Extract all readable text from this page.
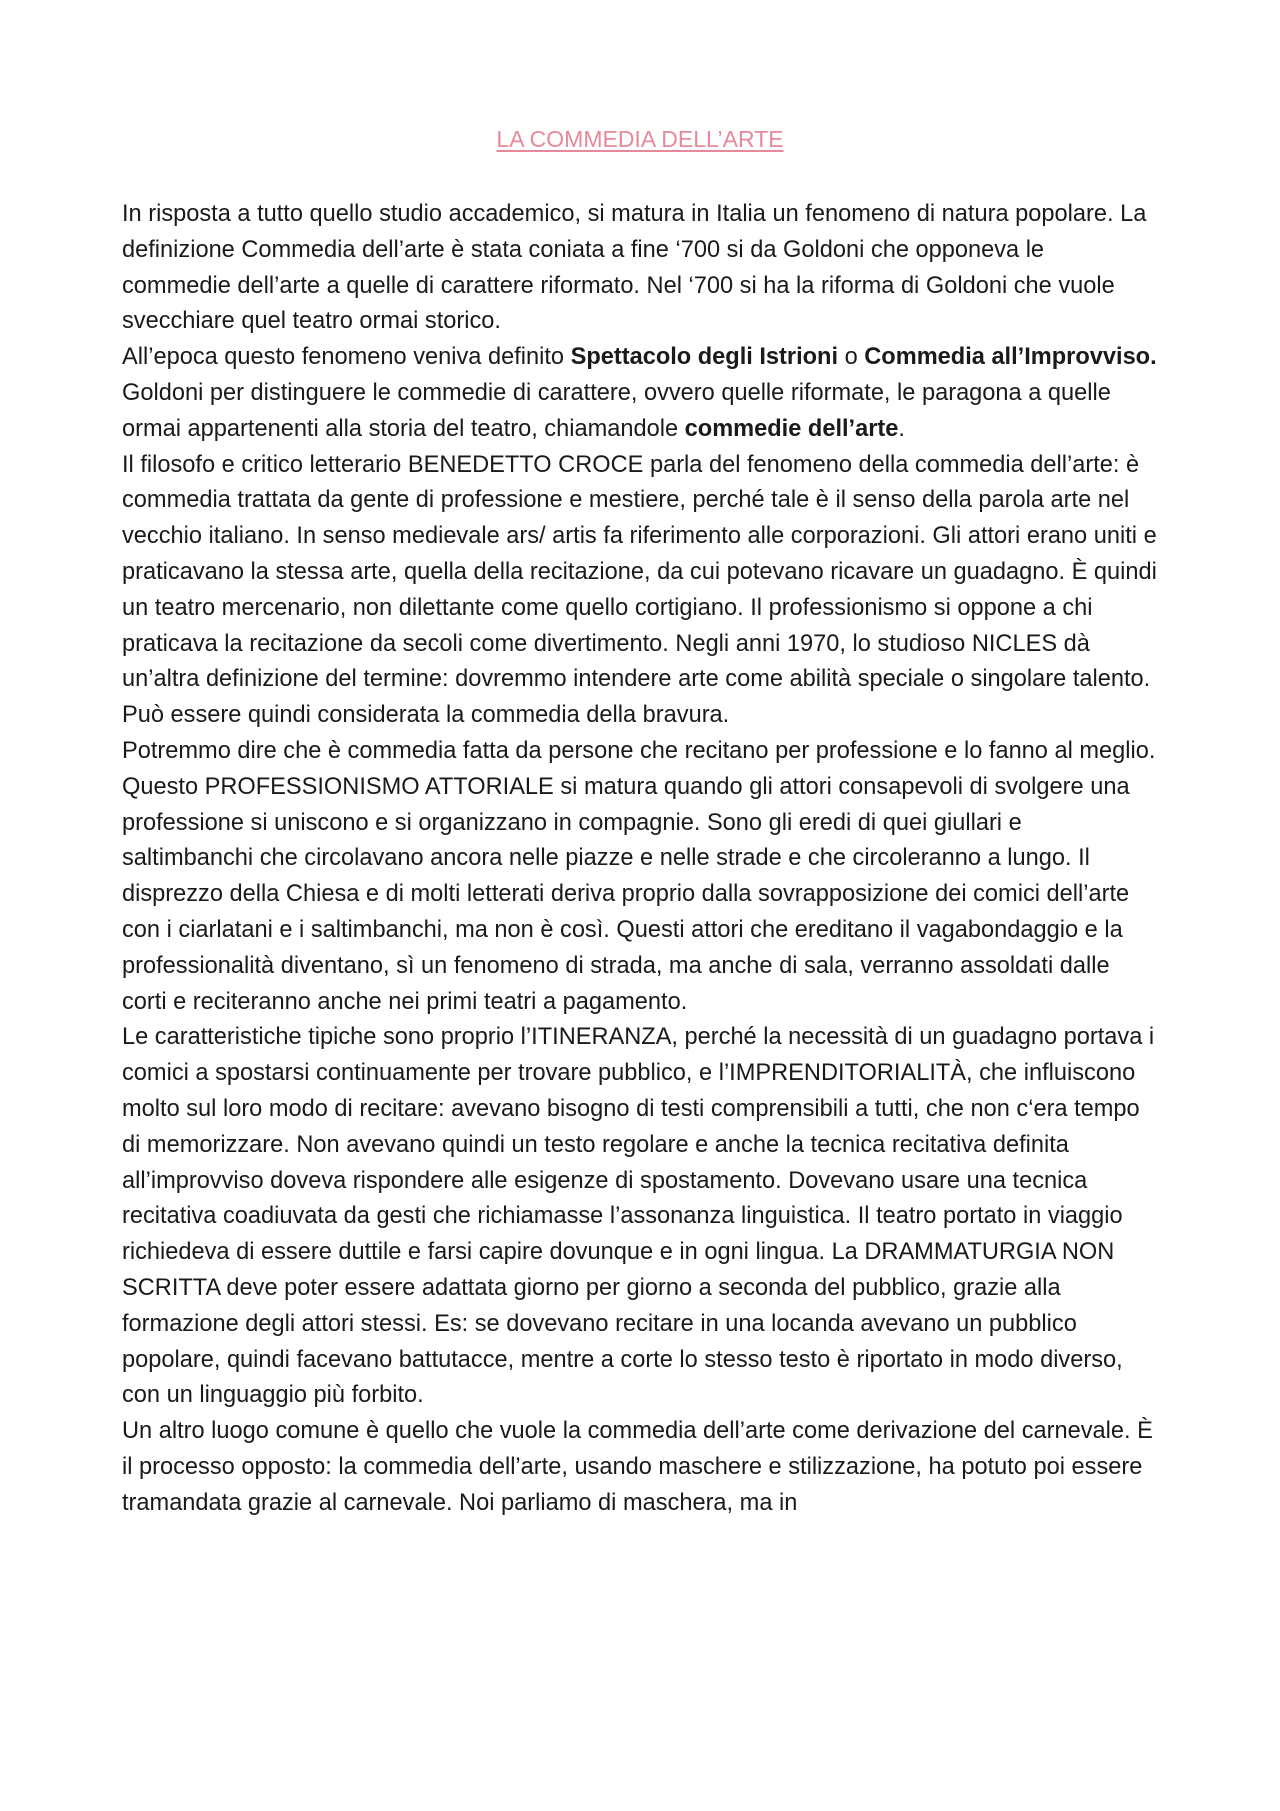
LA COMMEDIA DELL’ARTE

In risposta a tutto quello studio accademico, si matura in Italia un fenomeno di natura popolare. La definizione Commedia dell’arte è stata coniata a fine ‘700 si da Goldoni che opponeva le commedie dell’arte a quelle di carattere riformato. Nel ‘700 si ha la riforma di Goldoni che vuole svecchiare quel teatro ormai storico.

All’epoca questo fenomeno veniva definito Spettacolo degli Istrioni o Commedia all’Improvviso.

Goldoni per distinguere le commedie di carattere, ovvero quelle riformate, le paragona a quelle ormai appartenenti alla storia del teatro, chiamandole commedie dell’arte.

Il filosofo e critico letterario BENEDETTO CROCE parla del fenomeno della commedia dell’arte: è commedia trattata da gente di professione e mestiere, perché tale è il senso della parola arte nel vecchio italiano. In senso medievale ars/ artis fa riferimento alle corporazioni. Gli attori erano uniti e praticavano la stessa arte, quella della recitazione, da cui potevano ricavare un guadagno. È quindi un teatro mercenario, non dilettante come quello cortigiano. Il professionismo si oppone a chi praticava la recitazione da secoli come divertimento. Negli anni 1970, lo studioso NICLES dà un’altra definizione del termine: dovremmo intendere arte come abilità speciale o singolare talento. Può essere quindi considerata la commedia della bravura.

Potremmo dire che è commedia fatta da persone che recitano per professione e lo fanno al meglio. Questo PROFESSIONISMO ATTORIALE si matura quando gli attori consapevoli di svolgere una professione si uniscono e si organizzano in compagnie. Sono gli eredi di quei giullari e saltimbanchi che circolavano ancora nelle piazze e nelle strade e che circoleranno a lungo. Il disprezzo della Chiesa e di molti letterati deriva proprio dalla sovrapposizione dei comici dell’arte con i ciarlatani e i saltimbanchi, ma non è così. Questi attori che ereditano il vagabondaggio e la professionalità diventano, sì un fenomeno di strada, ma anche di sala, verranno assoldati dalle corti e reciteranno anche nei primi teatri a pagamento.

Le caratteristiche tipiche sono proprio l’ITINERANZA, perché la necessità di un guadagno portava i comici a spostarsi continuamente per trovare pubblico, e l’IMPRENDITORIALITÀ, che influiscono molto sul loro modo di recitare: avevano bisogno di testi comprensibili a tutti, che non c‘era tempo di memorizzare. Non avevano quindi un testo regolare e anche la tecnica recitativa definita all’improvviso doveva rispondere alle esigenze di spostamento. Dovevano usare una tecnica recitativa coadiuvata da gesti che richiamasse l’assonanza linguistica. Il teatro portato in viaggio richiedeva di essere duttile e farsi capire dovunque e in ogni lingua. La DRAMMATURGIA NON SCRITTA deve poter essere adattata giorno per giorno a seconda del pubblico, grazie alla formazione degli attori stessi. Es: se dovevano recitare in una locanda avevano un pubblico popolare, quindi facevano battutacce, mentre a corte lo stesso testo è riportato in modo diverso, con un linguaggio più forbito.

Un altro luogo comune è quello che vuole la commedia dell’arte come derivazione del carnevale. È il processo opposto: la commedia dell’arte, usando maschere e stilizzazione, ha potuto poi essere tramandata grazie al carnevale. Noi parliamo di maschera, ma in
